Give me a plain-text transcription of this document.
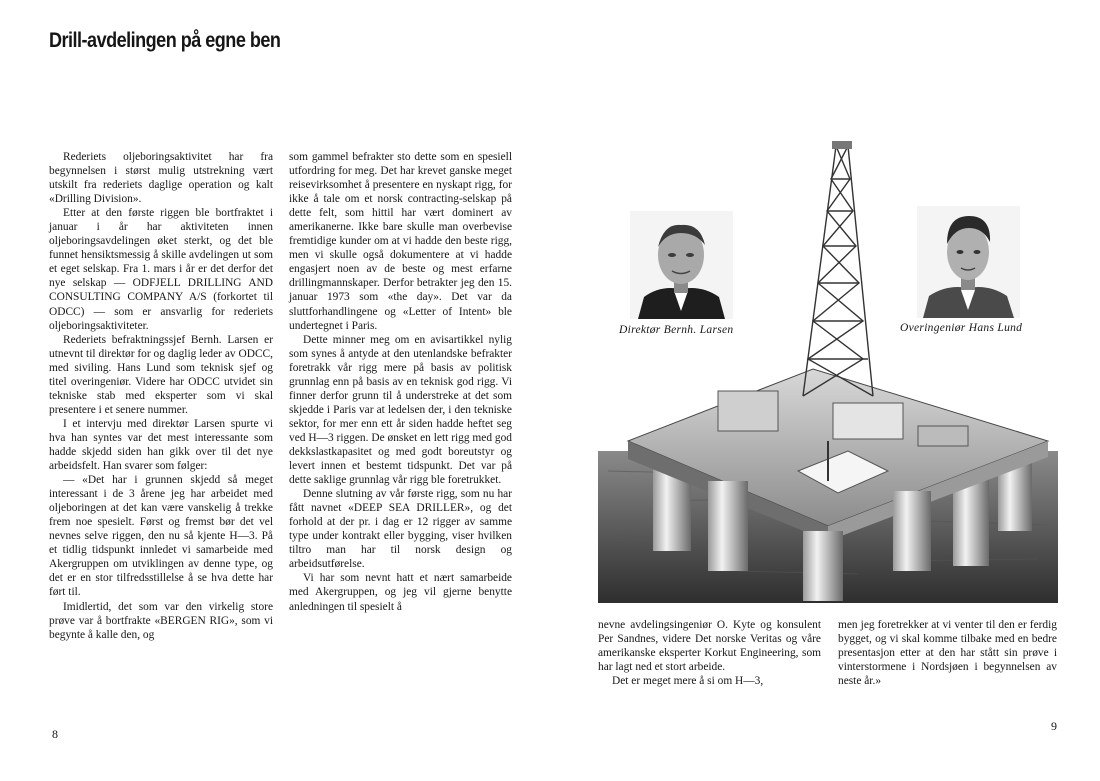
Drill-avdelingen på egne ben

Rederiets oljeboringsaktivitet har fra begynnelsen i størst mulig utstrekning vært utskilt fra rederiets daglige operation og kalt «Drilling Division».

Etter at den første riggen ble bortfraktet i januar i år har aktiviteten innen oljeboringsavdelingen øket sterkt, og det ble funnet hensiktsmessig å skille avdelingen ut som et eget selskap. Fra 1. mars i år er det derfor det nye selskap — ODFJELL DRILLING AND CONSULTING COMPANY A/S (forkortet til ODCC) — som er ansvarlig for rederiets oljeboringsaktiviteter.

Rederiets befraktningssjef Bernh. Larsen er utnevnt til direktør for og daglig leder av ODCC, med siviling. Hans Lund som teknisk sjef og titel overingeniør. Videre har ODCC utvidet sin tekniske stab med eksperter som vi skal presentere i et senere nummer.

I et intervju med direktør Larsen spurte vi hva han syntes var det mest interessante som hadde skjedd siden han gikk over til det nye arbeidsfelt. Han svarer som følger:

— «Det har i grunnen skjedd så meget interessant i de 3 årene jeg har arbeidet med oljeboringen at det kan være vanskelig å trekke frem noe spesielt. Først og fremst bør det vel nevnes selve riggen, den nu så kjente H—3. På et tidlig tidspunkt innledet vi samarbeide med Akergruppen om utviklingen av denne type, og det er en stor tilfredsstillelse å se hva dette har ført til.

Imidlertid, det som var den virkelig store prøve var å bortfrakte «BERGEN RIG», som vi begynte å kalle den, og

som gammel befrakter sto dette som en spesiell utfordring for meg. Det har krevet ganske meget reisevirksomhet å presentere en nyskapt rigg, for ikke å tale om et norsk contracting-selskap på dette felt, som hittil har vært dominert av amerikanerne. Ikke bare skulle man overbevise fremtidige kunder om at vi hadde den beste rigg, men vi skulle også dokumentere at vi hadde engasjert noen av de beste og mest erfarne drillingmannskaper. Derfor betrakter jeg den 15. januar 1973 som «the day». Det var da sluttforhandlingene og «Letter of Intent» ble undertegnet i Paris.

Dette minner meg om en avisartikkel nylig som synes å antyde at den utenlandske befrakter foretrakk vår rigg mere på basis av politisk grunnlag enn på basis av en teknisk god rigg. Vi finner derfor grunn til å understreke at det som skjedde i Paris var at ledelsen der, i den tekniske sektor, for mer enn ett år siden hadde heftet seg ved H—3 riggen. De ønsket en lett rigg med god dekkslastkapasitet og med godt boreutstyr og levert innen et bestemt tidspunkt. Det var på dette saklige grunnlag vår rigg ble foretrukket.

Denne slutning av vår første rigg, som nu har fått navnet «DEEP SEA DRILLER», og det forhold at der pr. i dag er 12 rigger av samme type under kontrakt eller bygging, viser hvilken tiltro man har til norsk design og arbeidsutførelse.

Vi har som nevnt hatt et nært samarbeide med Akergruppen, og jeg vil gjerne benytte anledningen til spesielt å

8
Direktør Bernh. Larsen	Overingeniør Hans Lund

nevne avdelingsingeniør O. Kyte og konsulent Per Sandnes, videre Det norske Veritas og våre amerikanske eksperter Korkut Engineering, som har lagt ned et stort arbeide.

Det er meget mere å si om H—3,

men jeg foretrekker at vi venter til den er ferdig bygget, og vi skal komme tilbake med en bedre presentasjon etter at den har stått sin prøve i vinterstormene i Nordsjøen i begynnelsen av neste år.»

9
